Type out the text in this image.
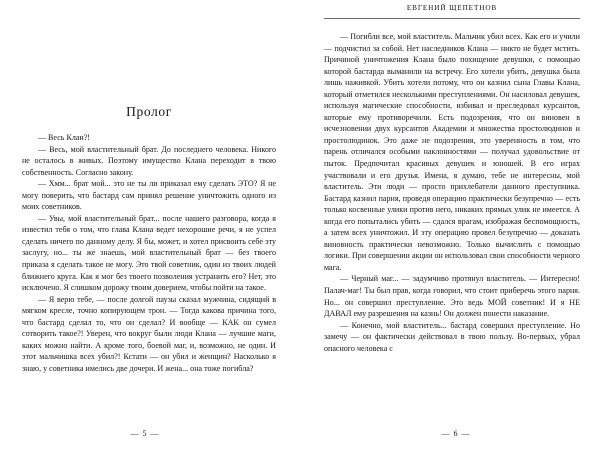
Пролог

— Весь Клан?!

— Весь, мой властительный брат. До последнего человека. Никого не осталось в живых. Поэтому имущество Клана переходит в твою собственность. Согласно закону.

— Хмм... брат мой... это не ты ли приказал ему сделать ЭТО? Я не могу поверить, что бастард сам принял решение уничтожить одного из моих советников.

— Увы, мой властительный брат... после нашего разговора, когда я известил тебя о том, что глава Клана ведет нехорошие речи, я не успел сделать ничего по данному делу. Я бы, может, и хотел присвоить себе эту заслугу, но... ты же знаешь, мой властительный брат — без твоего приказа я сделать такое не могу. Это твой советник, один из твоих людей ближнего круга. Как я мог без твоего позволения устранить его? Нет, это исключено. Я слишком дорожу твоим доверием, чтобы пойти на такое.

— Я верю тебе, — после долгой паузы сказал мужчина, сидящий в мягком кресле, точно копирующем трон. — Тогда какова причина того, что бастард сделал то, что он сделал? И вообще — КАК он сумел сотворить такое?! Уверен, что вокруг были люди Клана — лучшие маги, каких можно найти. А кроме того, боевой маг, и, возможно, не один. И этот мальчишка всех убил?! Кстати — он убил и женщин? Насколько я знаю, у советника имелись две дочери. И жена... она тоже погибла?

— 5 —
ЕВГЕНИЙ ЩЕПЕТНОВ

— Погибли все, мой властитель. Мальчик убил всех. Как его и учили — подчистил за собой. Нет наследников Клана — никто не будет мстить. Причиной уничтожения Клана было похищение девушки, с помощью которой бастарда выманили на встречу. Его хотели убить, девушка была лишь наживкой. Убить хотели потому, что он казнил сына Главы Клана, который отметился несколькими преступлениями. Он насиловал девушек, используя магические способности, избивал и преследовал курсантов, которые ему противоречили. Есть подозрения, что он виновен в исчезновении двух курсантов Академии и множества простолюдинов и простолюдинок. Это даже не подозрения, это уверенность в том, что парень отличался особыми наклонностями — получал удовольствие от пыток. Предпочитал красивых девушек и юношей. В его играх участвовали и его друзья. Имена, я думаю, тебе не интересны, мой властитель. Эти люди — просто прихлебатели данного преступника. Бастард казнил парня, проведя операцию практически безупречно — есть только косвенные улики против него, никаких прямых улик не имеется. А когда его попытались убить — сдался врагам, изображая беспомощность, а затем всех уничтожил. И эту операцию провел безупречно — доказать виновность практически невозможно. Только вычислить с помощью логики. При совершении акции он использовал свои способности черного мага.

— Черный маг... — задумчиво протянул властитель. — Интересно! Палач-маг! Ты был прав, когда говорил, что стоит приберечь этого парня. Но... он совершил преступление. Это ведь МОЙ советник! И я НЕ ДАВАЛ ему разрешения на казнь! Он должен понести наказание.

— Конечно, мой властитель... бастард совершил преступление. Но замечу — он фактически действовал в твою пользу. Во-первых, убрал опасного человека с

— 6 —
